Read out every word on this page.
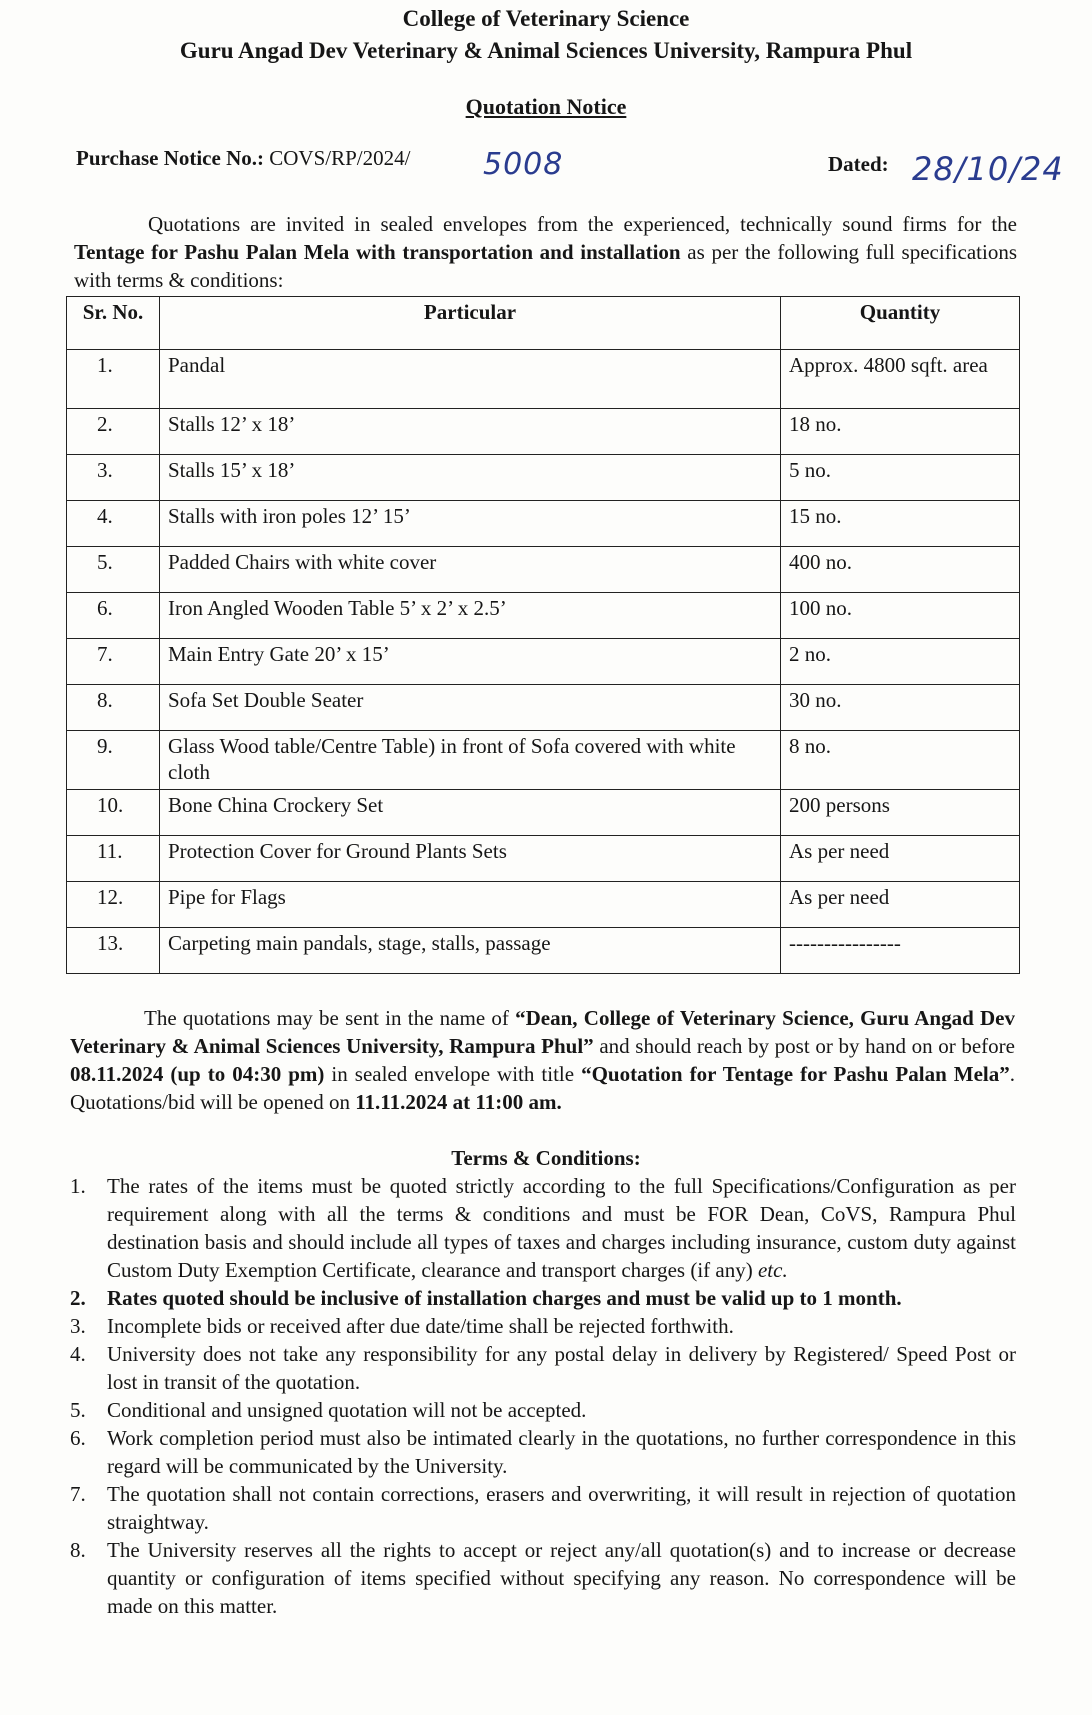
College of Veterinary Science
Guru Angad Dev Veterinary & Animal Sciences University, Rampura Phul
Quotation Notice
Purchase Notice No.: COVS/RP/2024/ 5008	Dated: 28/10/24
Quotations are invited in sealed envelopes from the experienced, technically sound firms for the Tentage for Pashu Palan Mela with transportation and installation as per the following full specifications with terms & conditions:
Sr. No.	Particular	Quantity
1.	Pandal	Approx. 4800 sqft. area
2.	Stalls 12’ x 18’	18 no.
3.	Stalls 15’ x 18’	5 no.
4.	Stalls with iron poles 12’ 15’	15 no.
5.	Padded Chairs with white cover	400 no.
6.	Iron Angled Wooden Table 5’ x 2’ x 2.5’	100 no.
7.	Main Entry Gate 20’ x 15’	2 no.
8.	Sofa Set Double Seater	30 no.
9.	Glass Wood table/Centre Table) in front of Sofa covered with white cloth	8 no.
10.	Bone China Crockery Set	200 persons
11.	Protection Cover for Ground Plants Sets	As per need
12.	Pipe for Flags	As per need
13.	Carpeting main pandals, stage, stalls, passage	----------------
The quotations may be sent in the name of “Dean, College of Veterinary Science, Guru Angad Dev Veterinary & Animal Sciences University, Rampura Phul” and should reach by post or by hand on or before 08.11.2024 (up to 04:30 pm) in sealed envelope with title “Quotation for Tentage for Pashu Palan Mela”. Quotations/bid will be opened on 11.11.2024 at 11:00 am.
Terms & Conditions:
1. The rates of the items must be quoted strictly according to the full Specifications/Configuration as per requirement along with all the terms & conditions and must be FOR Dean, CoVS, Rampura Phul destination basis and should include all types of taxes and charges including insurance, custom duty against Custom Duty Exemption Certificate, clearance and transport charges (if any) etc.
2. Rates quoted should be inclusive of installation charges and must be valid up to 1 month.
3. Incomplete bids or received after due date/time shall be rejected forthwith.
4. University does not take any responsibility for any postal delay in delivery by Registered/ Speed Post or lost in transit of the quotation.
5. Conditional and unsigned quotation will not be accepted.
6. Work completion period must also be intimated clearly in the quotations, no further correspondence in this regard will be communicated by the University.
7. The quotation shall not contain corrections, erasers and overwriting, it will result in rejection of quotation straightway.
8. The University reserves all the rights to accept or reject any/all quotation(s) and to increase or decrease quantity or configuration of items specified without specifying any reason. No correspondence will be made on this matter.
